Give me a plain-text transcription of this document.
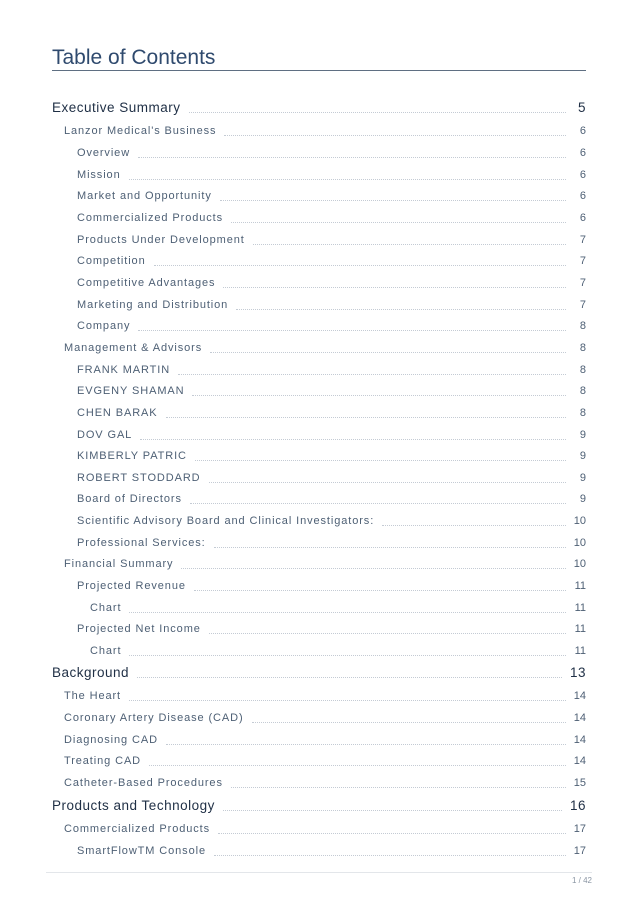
Table of Contents
Executive Summary	5
Lanzor Medical's Business	6
Overview	6
Mission	6
Market and Opportunity	6
Commercialized Products	6
Products Under Development	7
Competition	7
Competitive Advantages	7
Marketing and Distribution	7
Company	8
Management & Advisors	8
FRANK MARTIN	8
EVGENY SHAMAN	8
CHEN BARAK	8
DOV GAL	9
KIMBERLY PATRIC	9
ROBERT STODDARD	9
Board of Directors	9
Scientific Advisory Board and Clinical Investigators:	10
Professional Services:	10
Financial Summary	10
Projected Revenue	11
Chart	11
Projected Net Income	11
Chart	11
Background	13
The Heart	14
Coronary Artery Disease (CAD)	14
Diagnosing CAD	14
Treating CAD	14
Catheter-Based Procedures	15
Products and Technology	16
Commercialized Products	17
SmartFlowTM Console	17
1 / 42
